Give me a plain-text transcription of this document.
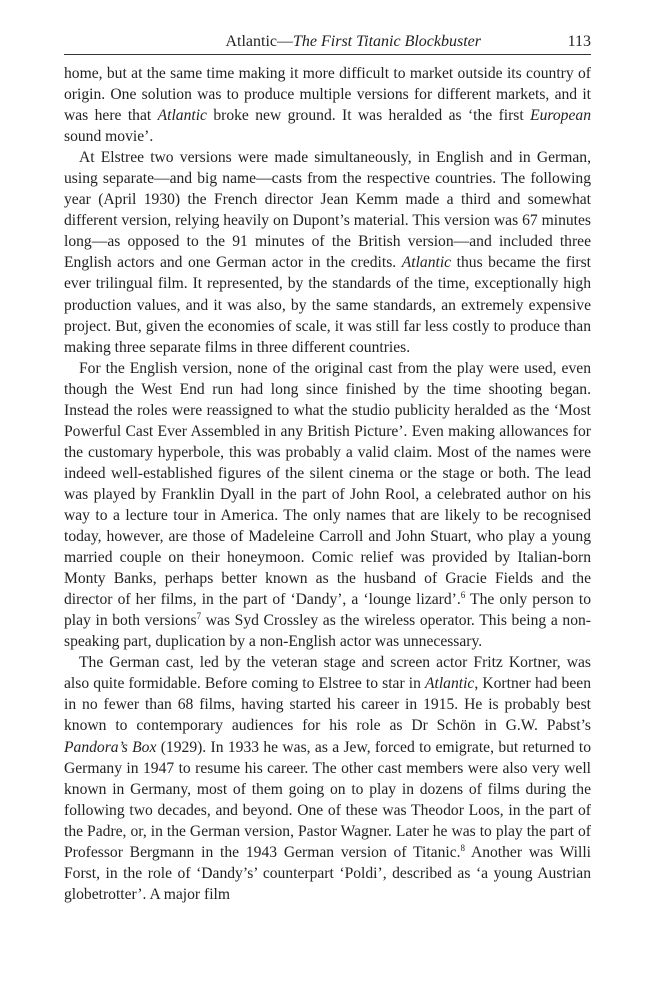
Atlantic—The First Titanic Blockbuster	113

home, but at the same time making it more difficult to market outside its country of origin. One solution was to produce multiple versions for different markets, and it was here that Atlantic broke new ground. It was heralded as ‘the first European sound movie’.

At Elstree two versions were made simultaneously, in English and in German, using separate—and big name—casts from the respective countries. The following year (April 1930) the French director Jean Kemm made a third and somewhat different version, relying heavily on Dupont’s material. This version was 67 minutes long—as opposed to the 91 minutes of the British version—and included three English actors and one German actor in the credits. Atlantic thus became the first ever trilingual film. It represented, by the standards of the time, exceptionally high production values, and it was also, by the same standards, an extremely expensive project. But, given the economies of scale, it was still far less costly to produce than making three separate films in three different countries.

For the English version, none of the original cast from the play were used, even though the West End run had long since finished by the time shooting began. Instead the roles were reassigned to what the studio publicity heralded as the ‘Most Powerful Cast Ever Assembled in any British Picture’. Even making allowances for the customary hyperbole, this was probably a valid claim. Most of the names were indeed well-established figures of the silent cinema or the stage or both. The lead was played by Franklin Dyall in the part of John Rool, a celebrated author on his way to a lecture tour in America. The only names that are likely to be recognised today, however, are those of Madeleine Carroll and John Stuart, who play a young married couple on their honeymoon. Comic relief was provided by Italian-born Monty Banks, perhaps better known as the husband of Gracie Fields and the director of her films, in the part of ‘Dandy’, a ‘lounge lizard’.$^6$ The only person to play in both versions$^7$ was Syd Crossley as the wireless operator. This being a non-speaking part, duplication by a non-English actor was unnecessary.

The German cast, led by the veteran stage and screen actor Fritz Kortner, was also quite formidable. Before coming to Elstree to star in Atlantic, Kortner had been in no fewer than 68 films, having started his career in 1915. He is probably best known to contemporary audiences for his role as Dr Schön in G.W. Pabst’s Pandora’s Box (1929). In 1933 he was, as a Jew, forced to emigrate, but returned to Germany in 1947 to resume his career. The other cast members were also very well known in Germany, most of them going on to play in dozens of films during the following two decades, and beyond. One of these was Theodor Loos, in the part of the Padre, or, in the German version, Pastor Wagner. Later he was to play the part of Professor Bergmann in the 1943 German version of Titanic.$^8$ Another was Willi Forst, in the role of ‘Dandy’s’ counterpart ‘Poldi’, described as ‘a young Austrian globetrotter’. A major film
